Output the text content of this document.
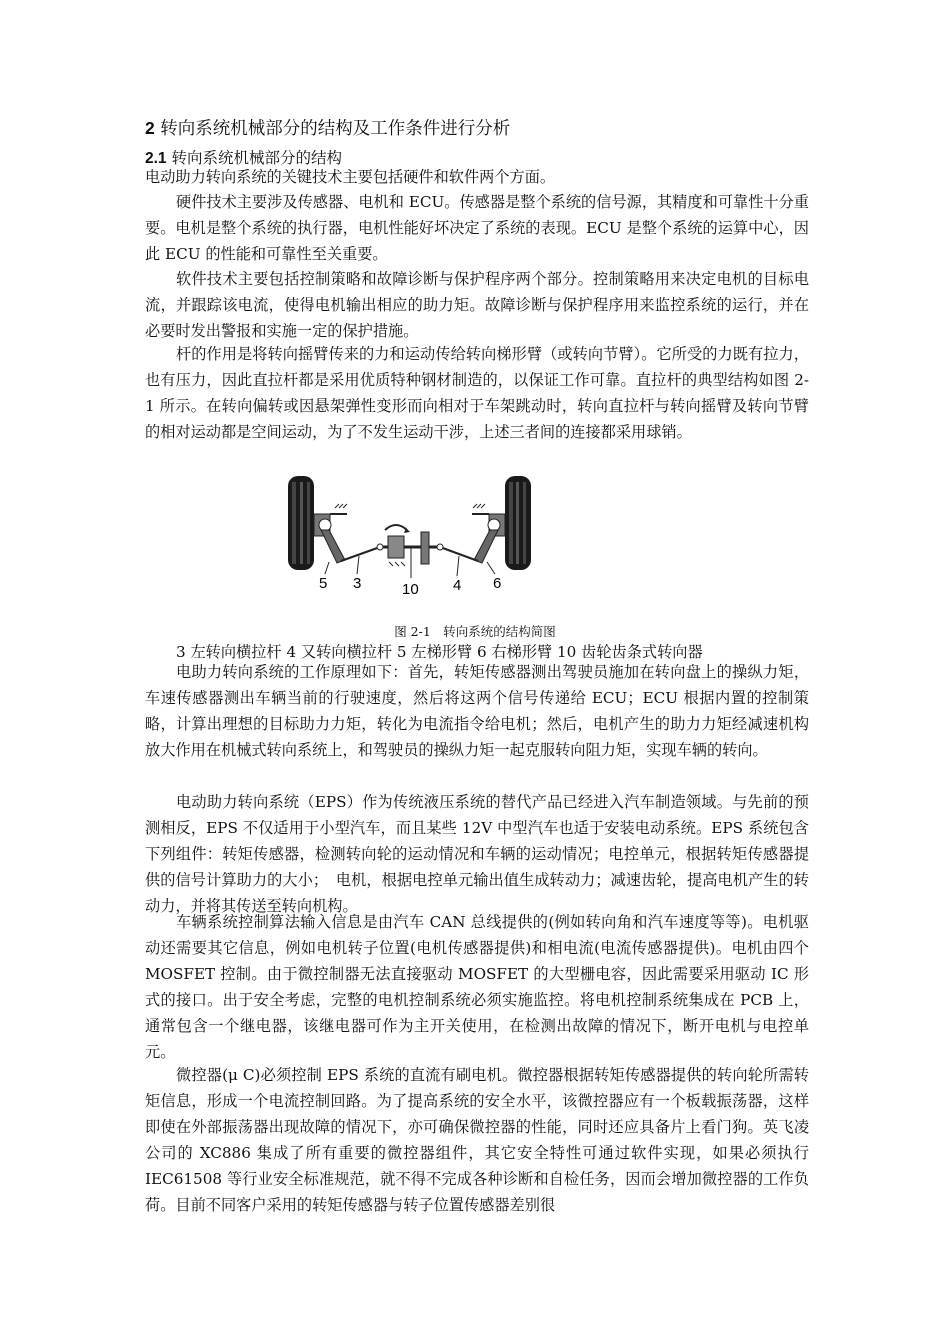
2 转向系统机械部分的结构及工作条件进行分析
2.1 转向系统机械部分的结构
电动助力转向系统的关键技术主要包括硬件和软件两个方面。
硬件技术主要涉及传感器、电机和 ECU。传感器是整个系统的信号源，其精度和可靠性十分重要。电机是整个系统的执行器，电机性能好坏决定了系统的表现。ECU 是整个系统的运算中心，因此 ECU 的性能和可靠性至关重要。
软件技术主要包括控制策略和故障诊断与保护程序两个部分。控制策略用来决定电机的目标电流，并跟踪该电流，使得电机输出相应的助力矩。故障诊断与保护程序用来监控系统的运行，并在必要时发出警报和实施一定的保护措施。
杆的作用是将转向摇臂传来的力和运动传给转向梯形臂（或转向节臂）。它所受的力既有拉力，也有压力，因此直拉杆都是采用优质特种钢材制造的，以保证工作可靠。直拉杆的典型结构如图 2-1 所示。在转向偏转或因悬架弹性变形而向相对于车架跳动时，转向直拉杆与转向摇臂及转向节臂的相对运动都是空间运动，为了不发生运动干涉，上述三者间的连接都采用球销。
5 3	10 4 6
图 2-1　转向系统的结构简图
3 左转向横拉杆 4 又转向横拉杆 5 左梯形臂 6 右梯形臂 10 齿轮齿条式转向器
电助力转向系统的工作原理如下：首先，转矩传感器测出驾驶员施加在转向盘上的操纵力矩，车速传感器测出车辆当前的行驶速度，然后将这两个信号传递给 ECU；ECU 根据内置的控制策略，计算出理想的目标助力力矩，转化为电流指令给电机；然后，电机产生的助力力矩经减速机构放大作用在机械式转向系统上，和驾驶员的操纵力矩一起克服转向阻力矩，实现车辆的转向。
电动助力转向系统（EPS）作为传统液压系统的替代产品已经进入汽车制造领域。与先前的预测相反，EPS 不仅适用于小型汽车，而且某些 12V 中型汽车也适于安装电动系统。EPS 系统包含下列组件：转矩传感器，检测转向轮的运动情况和车辆的运动情况；电控单元，根据转矩传感器提供的信号计算助力的大小；　电机，根据电控单元输出值生成转动力；减速齿轮，提高电机产生的转动力，并将其传送至转向机构。
车辆系统控制算法输入信息是由汽车 CAN 总线提供的(例如转向角和汽车速度等等)。电机驱动还需要其它信息，例如电机转子位置(电机传感器提供)和相电流(电流传感器提供)。电机由四个 MOSFET 控制。由于微控制器无法直接驱动 MOSFET 的大型栅电容，因此需要采用驱动 IC 形式的接口。出于安全考虑，完整的电机控制系统必须实施监控。将电机控制系统集成在 PCB 上，通常包含一个继电器，该继电器可作为主开关使用，在检测出故障的情况下，断开电机与电控单元。
微控器(μ C)必须控制 EPS 系统的直流有刷电机。微控器根据转矩传感器提供的转向轮所需转矩信息，形成一个电流控制回路。为了提高系统的安全水平，该微控器应有一个板载振荡器，这样即使在外部振荡器出现故障的情况下，亦可确保微控器的性能，同时还应具备片上看门狗。英飞凌公司的 XC886 集成了所有重要的微控器组件，其它安全特性可通过软件实现，如果必须执行 IEC61508 等行业安全标准规范，就不得不完成各种诊断和自检任务，因而会增加微控器的工作负荷。目前不同客户采用的转矩传感器与转子位置传感器差别很
